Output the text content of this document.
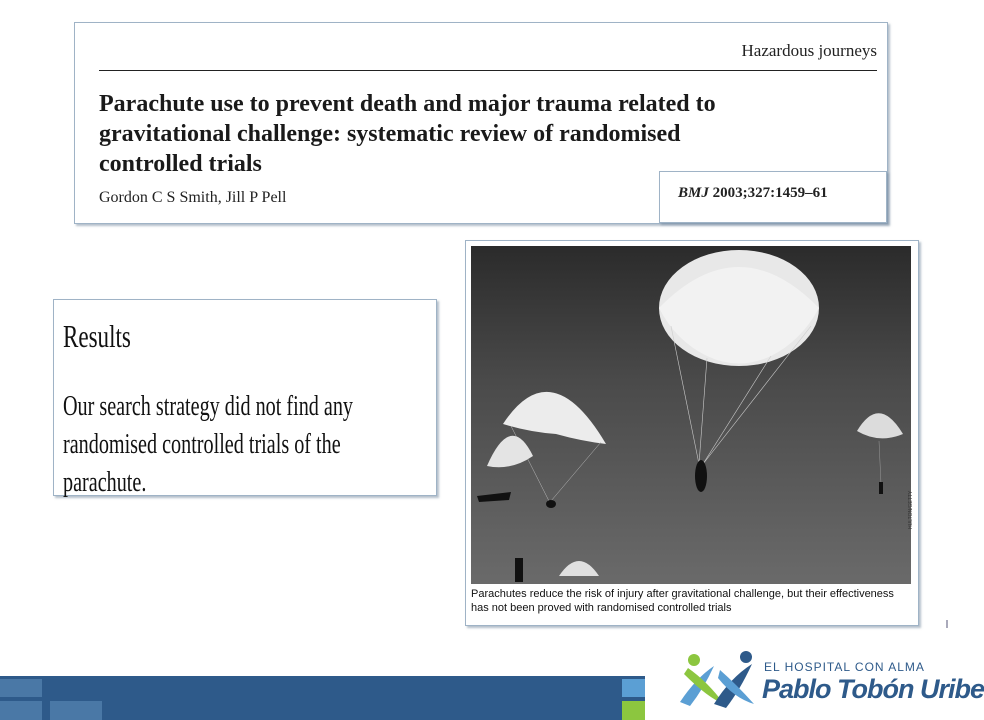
Hazardous journeys
Parachute use to prevent death and major trauma related to gravitational challenge: systematic review of randomised controlled trials
Gordon C S Smith, Jill P Pell	BMJ 2003;327:1459–61
Results
Our search strategy did not find any randomised controlled trials of the parachute.
HULTON/GETTY
Parachutes reduce the risk of injury after gravitational challenge, but their effectiveness has not been proved with randomised controlled trials
EL HOSPITAL CON ALMA
Pablo Tobón Uribe
